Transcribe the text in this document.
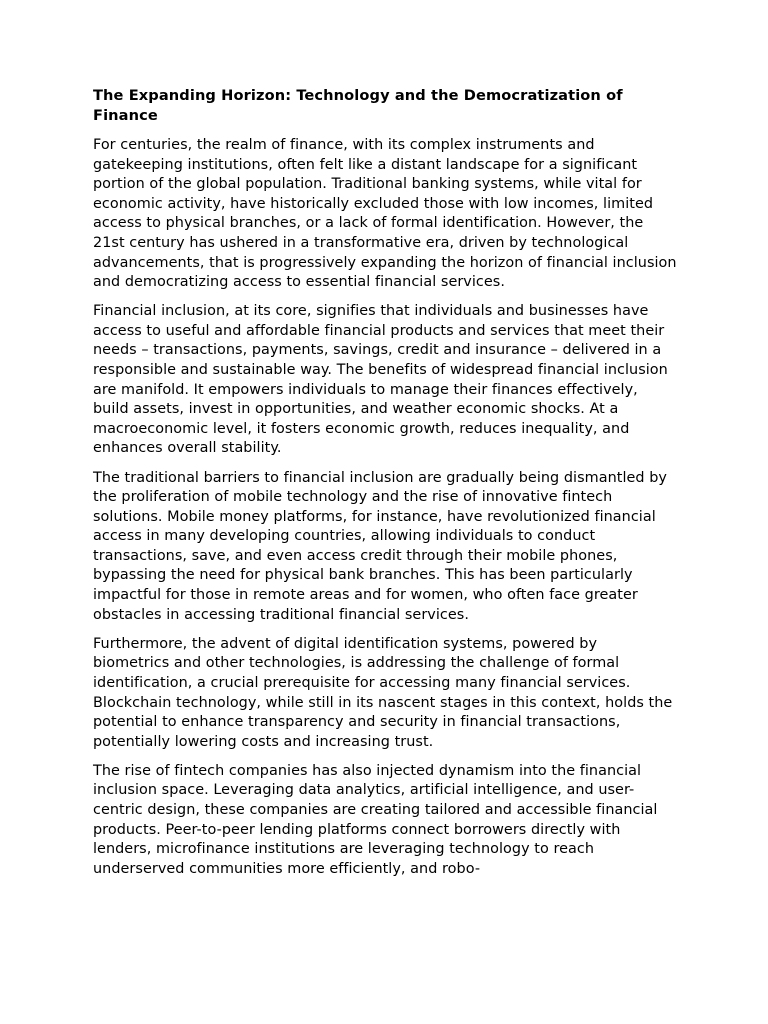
The Expanding Horizon: Technology and the Democratization of Finance

For centuries, the realm of finance, with its complex instruments and gatekeeping institutions, often felt like a distant landscape for a significant portion of the global population. Traditional banking systems, while vital for economic activity, have historically excluded those with low incomes, limited access to physical branches, or a lack of formal identification. However, the 21st century has ushered in a transformative era, driven by technological advancements, that is progressively expanding the horizon of financial inclusion and democratizing access to essential financial services.

Financial inclusion, at its core, signifies that individuals and businesses have access to useful and affordable financial products and services that meet their needs – transactions, payments, savings, credit and insurance – delivered in a responsible and sustainable way. The benefits of widespread financial inclusion are manifold. It empowers individuals to manage their finances effectively, build assets, invest in opportunities, and weather economic shocks. At a macroeconomic level, it fosters economic growth, reduces inequality, and enhances overall stability.

The traditional barriers to financial inclusion are gradually being dismantled by the proliferation of mobile technology and the rise of innovative fintech solutions. Mobile money platforms, for instance, have revolutionized financial access in many developing countries, allowing individuals to conduct transactions, save, and even access credit through their mobile phones, bypassing the need for physical bank branches. This has been particularly impactful for those in remote areas and for women, who often face greater obstacles in accessing traditional financial services.

Furthermore, the advent of digital identification systems, powered by biometrics and other technologies, is addressing the challenge of formal identification, a crucial prerequisite for accessing many financial services. Blockchain technology, while still in its nascent stages in this context, holds the potential to enhance transparency and security in financial transactions, potentially lowering costs and increasing trust.

The rise of fintech companies has also injected dynamism into the financial inclusion space. Leveraging data analytics, artificial intelligence, and user-centric design, these companies are creating tailored and accessible financial products. Peer-to-peer lending platforms connect borrowers directly with lenders, microfinance institutions are leveraging technology to reach underserved communities more efficiently, and robo-
